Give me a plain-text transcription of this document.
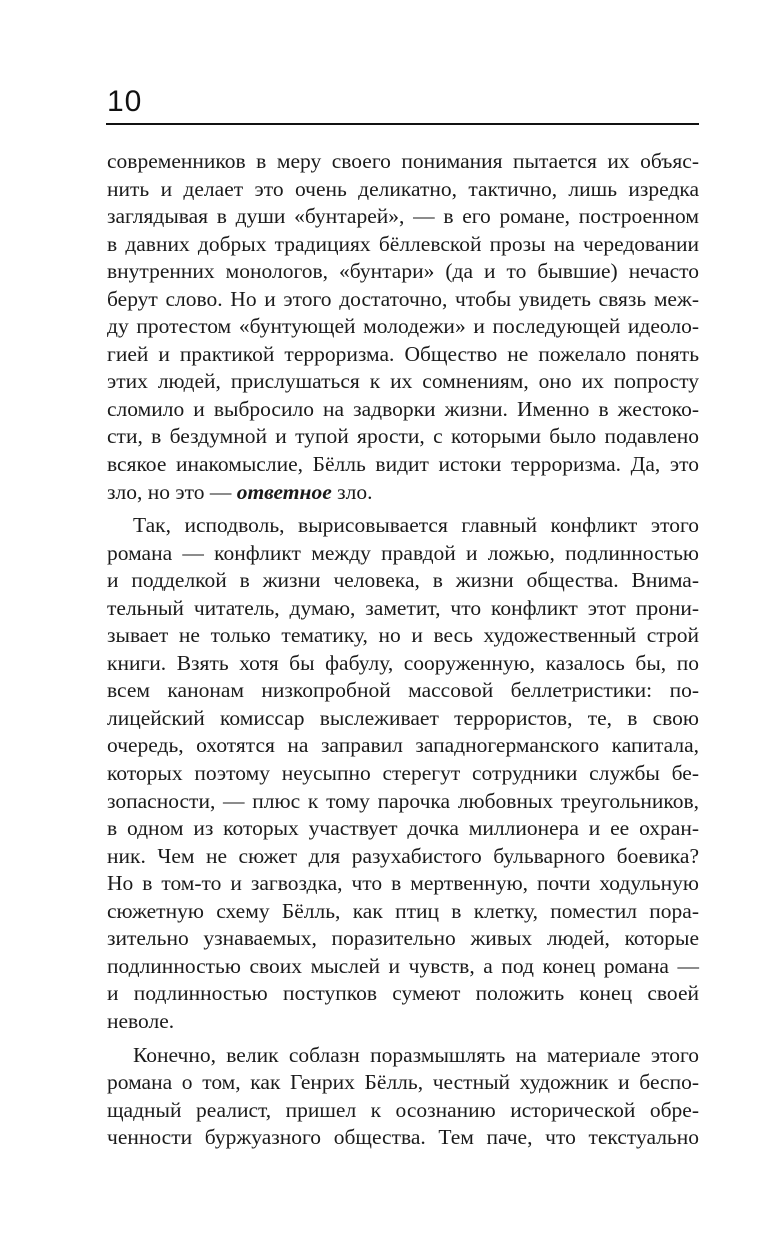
10
современников в меру своего понимания пытается их объяс-
нить и делает это очень деликатно, тактично, лишь изредка
заглядывая в души «бунтарей», — в его романе, построенном
в давних добрых традициях бёллевской прозы на чередовании
внутренних монологов, «бунтари» (да и то бывшие) нечасто
берут слово. Но и этого достаточно, чтобы увидеть связь меж-
ду протестом «бунтующей молодежи» и последующей идеоло-
гией и практикой терроризма. Общество не пожелало понять
этих людей, прислушаться к их сомнениям, оно их попросту
сломило и выбросило на задворки жизни. Именно в жестоко-
сти, в бездумной и тупой ярости, с которыми было подавлено
всякое инакомыслие, Бёлль видит истоки терроризма. Да, это
зло, но это — ответное зло.
Так, исподволь, вырисовывается главный конфликт этого
романа — конфликт между правдой и ложью, подлинностью
и подделкой в жизни человека, в жизни общества. Внима-
тельный читатель, думаю, заметит, что конфликт этот прони-
зывает не только тематику, но и весь художественный строй
книги. Взять хотя бы фабулу, сооруженную, казалось бы, по
всем канонам низкопробной массовой беллетристики: по-
лицейский комиссар выслеживает террористов, те, в свою
очередь, охотятся на заправил западногерманского капитала,
которых поэтому неусыпно стерегут сотрудники службы бе-
зопасности, — плюс к тому парочка любовных треугольников,
в одном из которых участвует дочка миллионера и ее охран-
ник. Чем не сюжет для разухабистого бульварного боевика?
Но в том-то и загвоздка, что в мертвенную, почти ходульную
сюжетную схему Бёлль, как птиц в клетку, поместил пора-
зительно узнаваемых, поразительно живых людей, которые
подлинностью своих мыслей и чувств, а под конец романа —
и подлинностью поступков сумеют положить конец своей
неволе.
Конечно, велик соблазн поразмышлять на материале этого
романа о том, как Генрих Бёлль, честный художник и беспо-
щадный реалист, пришел к осознанию исторической обре-
ченности буржуазного общества. Тем паче, что текстуально
